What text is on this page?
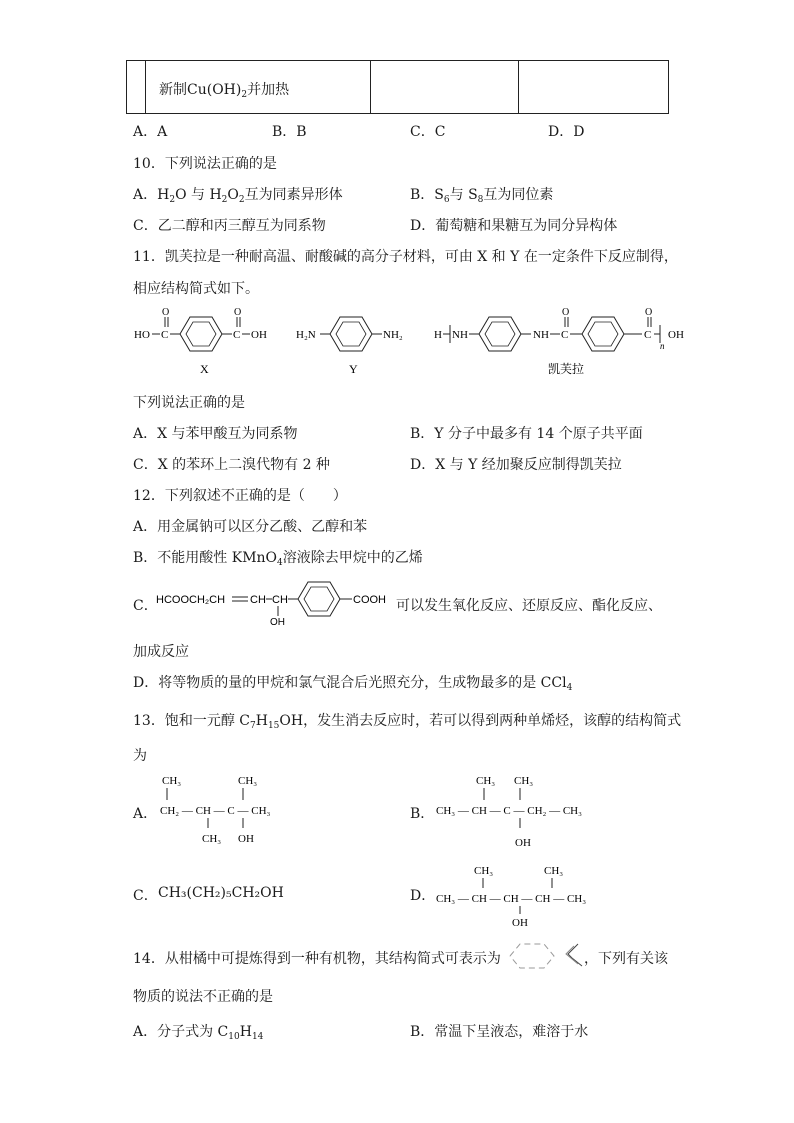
新制$Cu(OH)_2$并加热
A．A	B．B	C．C	D．D
10．下列说法正确的是
A．$H_2O$ 与 $H_2O_2$互为同素异形体	B．$S_6$与 $S_8$互为同位素
C．乙二醇和丙三醇互为同系物	D．葡萄糖和果糖互为同分异构体
11．凯芙拉是一种耐高温、耐酸碱的高分子材料，可由 X 和 Y 在一定条件下反应制得，
相应结构简式如下。
HO C
O
C
O
OH
X
H₂N	NH₂
Y
H NH	NH C
O
C
O
n
OH
凯芙拉
下列说法正确的是
A．X 与苯甲酸互为同系物	B．Y 分子中最多有 14 个原子共平面
C．X 的苯环上二溴代物有 2 种	D．X 与 Y 经加聚反应制得凯芙拉
12．下列叙述不正确的是（　　）
A．用金属钠可以区分乙酸、乙醇和苯
B．不能用酸性 KMnO$_4$溶液除去甲烷中的乙烯
C．
HCOOCH₂CH CH CH
OH
COOH 可以发生氧化反应、还原反应、酯化反应、
加成反应
D．将等物质的量的甲烷和氯气混合后光照充分，生成物最多的是 CCl$_4$
13．饱和一元醇 $C_7H_{15}OH$，发生消去反应时，若可以得到两种单烯烃，该醇的结构简式
为
A．
CH₃	CH₃
CH₂ — CH — C — CH₃
CH₃ OH
B．
CH₃ CH₃
CH₃ — CH — C — CH₂ — CH₃
OH
C． CH₃(CH₂)₅CH₂OH	D．
CH₃	CH₃
CH₃ — CH — CH — CH — CH₃
OH
14．从柑橘中可提炼得到一种有机物，其结构简式可表示为	，下列有关该
物质的说法不正确的是
A．分子式为 $C_{10}H_{14}$	B．常温下呈液态，难溶于水
